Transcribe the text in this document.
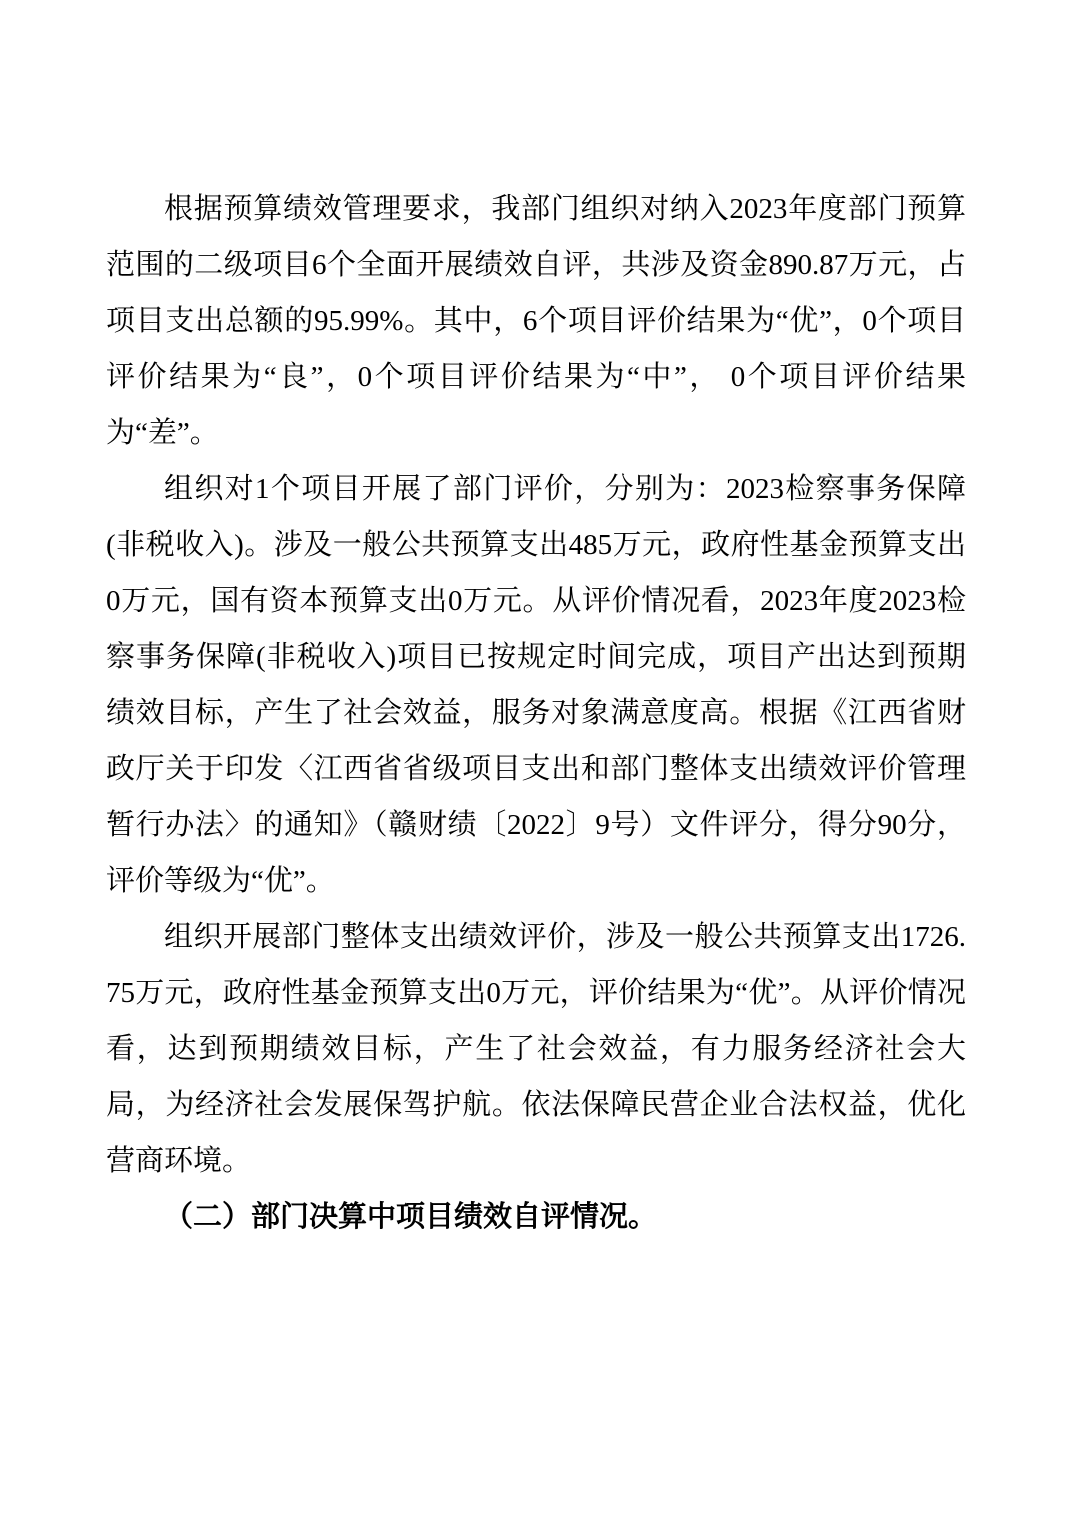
根据预算绩效管理要求，我部门组织对纳入2023年度部门预算范围的二级项目6个全面开展绩效自评，共涉及资金890.87万元，占项目支出总额的95.99%。其中，6个项目评价结果为“优”，0个项目评价结果为“良”，0个项目评价结果为“中”， 0个项目评价结果为“差”。

组织对1个项目开展了部门评价，分别为：2023检察事务保障(非税收入)。涉及一般公共预算支出485万元，政府性基金预算支出0万元，国有资本预算支出0万元。从评价情况看，2023年度2023检察事务保障(非税收入)项目已按规定时间完成，项目产出达到预期绩效目标，产生了社会效益，服务对象满意度高。根据《江西省财政厅关于印发〈江西省省级项目支出和部门整体支出绩效评价管理暂行办法〉的通知》（赣财绩〔2022〕9号）文件评分，得分90分，评价等级为“优”。

组织开展部门整体支出绩效评价，涉及一般公共预算支出1726.75万元，政府性基金预算支出0万元，评价结果为“优”。从评价情况看，达到预期绩效目标，产生了社会效益，有力服务经济社会大局，为经济社会发展保驾护航。依法保障民营企业合法权益，优化营商环境。

（二）部门决算中项目绩效自评情况。
